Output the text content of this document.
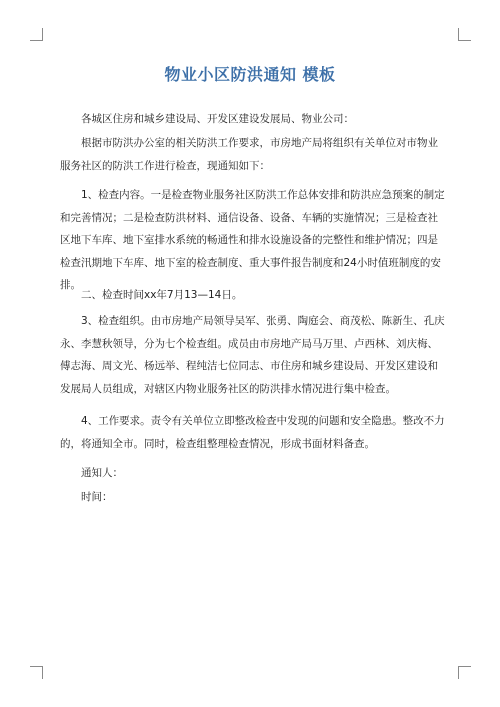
物业小区防洪通知 模板

各城区住房和城乡建设局、开发区建设发展局、物业公司：

根据市防洪办公室的相关防洪工作要求，市房地产局将组织有关单位对市物业服务社区的防洪工作进行检查，现通知如下：

1、检查内容。一是检查物业服务社区防洪工作总体安排和防洪应急预案的制定和完善情况；二是检查防洪材料、通信设备、设备、车辆的实施情况；三是检查社区地下车库、地下室排水系统的畅通性和排水设施设备的完整性和维护情况；四是检查汛期地下车库、地下室的检查制度、重大事件报告制度和24小时值班制度的安排。

二、检查时间xx年7月13—14日。

3、检查组织。由市房地产局领导吴军、张勇、陶庭会、商茂松、陈新生、孔庆永、李慧秋领导，分为七个检查组。成员由市房地产局马万里、卢西林、刘庆梅、傅志海、周文光、杨远举、程纯洁七位同志、市住房和城乡建设局、开发区建设和发展局人员组成，对辖区内物业服务社区的防洪排水情况进行集中检查。

4、工作要求。责令有关单位立即整改检查中发现的问题和安全隐患。整改不力的，将通知全市。同时，检查组整理检查情况，形成书面材料备查。

通知人：

时间：
